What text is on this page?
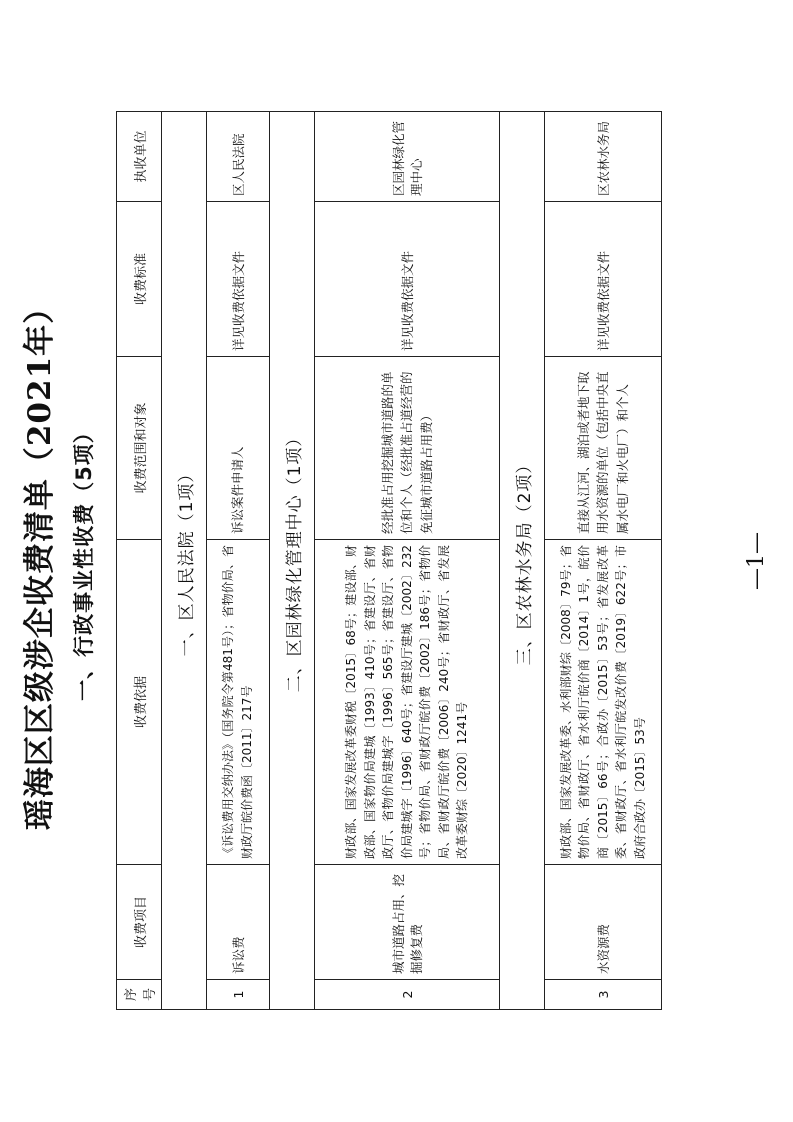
瑶海区区级涉企收费清单（2021年） 一、行政事业性收费（5项）
序号	收费项目	收费依据	收费范围和对象	收费标准	执收单位
一、区人民法院（1项）					
1	诉讼费	《诉讼费用交纳办法》（国务院令第481号）；省物价局、省财政厅皖价费函〔2011〕217号	诉讼案件申请人	详见收费依据文件	区人民法院
二、区园林绿化管理中心（1项）					
2	城市道路占用、挖掘修复费	财政部、国家发展改革委财税〔2015〕68号；建设部、财政部、国家物价局建城〔1993〕410号；省建设厅、省财政厅、省物价局建城字〔1996〕565号；省建设厅、省物价局建城字〔1996〕640号；省建设厅建城〔2002〕232号；省物价局、省财政厅皖价费〔2002〕186号；省物价局、省财政厅皖价费〔2006〕240号；省财政厅、省发展改革委财综〔2020〕1241号	经批准占用挖掘城市道路的单位和个人（经批准占道经营的免征城市道路占用费）	详见收费依据文件	区园林绿化管理中心
三、区农林水务局（2项）					
3	水资源费	财政部、国家发展改革委、水利部财综〔2008〕79号；省物价局、省财政厅、省水利厅皖价商〔2014〕1号，皖价商〔2015〕66号；合政办〔2015〕53号；省发展改革委、省财政厅、省水利厅皖发改价费〔2019〕622号；市政府合政办〔2015〕53号	直接从江河、湖泊或者地下取用水资源的单位（包括中央直属水电厂和火电厂）和个人	详见收费依据文件	区农林水务局
—1—
